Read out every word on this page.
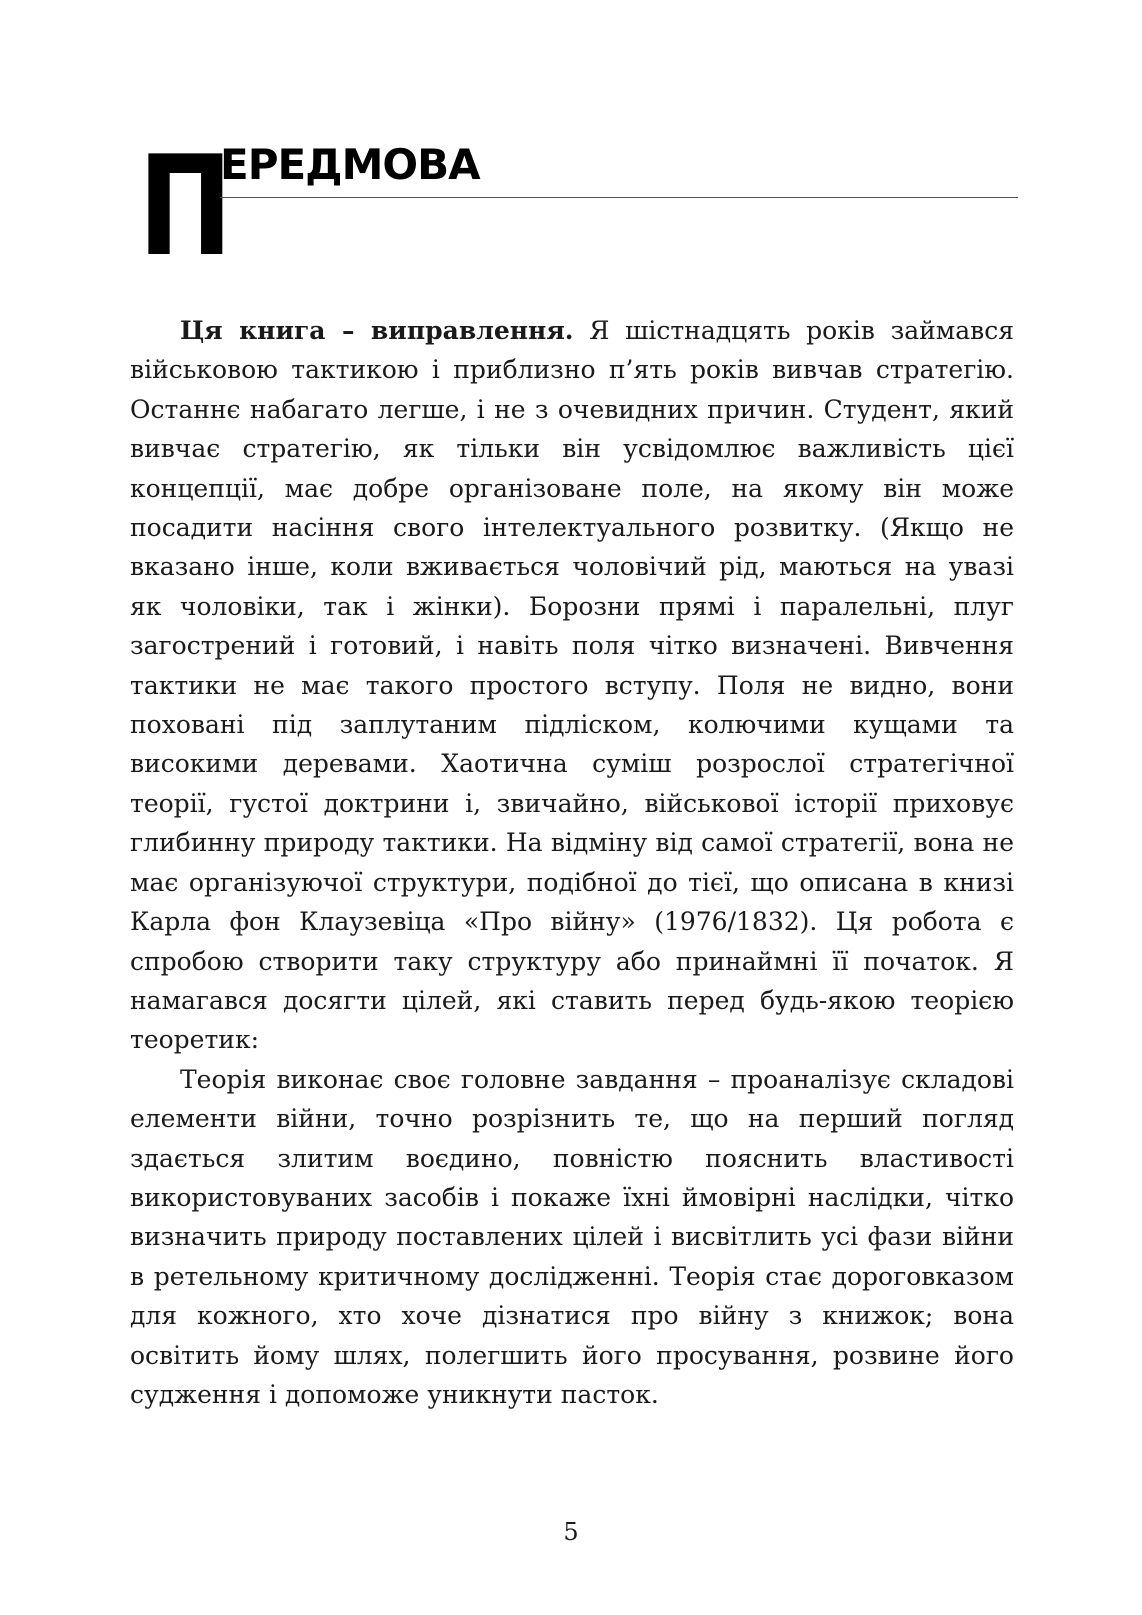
П
ЕРЕДМОВА

Ця книга – виправлення. Я шістнадцять років займався військовою тактикою і приблизно п’ять років вивчав стратегію. Останнє набагато легше, і не з очевидних причин. Студент, який вивчає стратегію, як тільки він усвідомлює важливість цієї концепції, має добре організоване поле, на якому він може посадити насіння свого інтелектуального розвитку. (Якщо не вказано інше, коли вживається чоловічий рід, маються на увазі як чоловіки, так і жінки). Борозни прямі і паралельні, плуг загострений і готовий, і навіть поля чітко визначені. Вивчення тактики не має такого простого вступу. Поля не видно, вони поховані під заплутаним підліском, колючими кущами та високими деревами. Хаотична суміш розрослої стратегічної теорії, густої доктрини і, звичайно, військової історії приховує глибинну природу тактики. На відміну від самої стратегії, вона не має організуючої структури, подібної до тієї, що описана в книзі Карла фон Клаузевіца «Про війну» (1976/1832). Ця робота є спробою створити таку структуру або принаймні її початок. Я намагався досягти цілей, які ставить перед будь-якою теорією теоретик:

Теорія виконає своє головне завдання – проаналізує складові елементи війни, точно розрізнить те, що на перший погляд здається злитим воєдино, повністю пояснить властивості використовуваних засобів і покаже їхні ймовірні наслідки, чітко визначить природу поставлених цілей і висвітлить усі фази війни в ретельному критичному дослідженні. Теорія стає дороговказом для кожного, хто хоче дізнатися про війну з книжок; вона освітить йому шлях, полегшить його просування, розвине його судження і допоможе уникнути пасток.

5
